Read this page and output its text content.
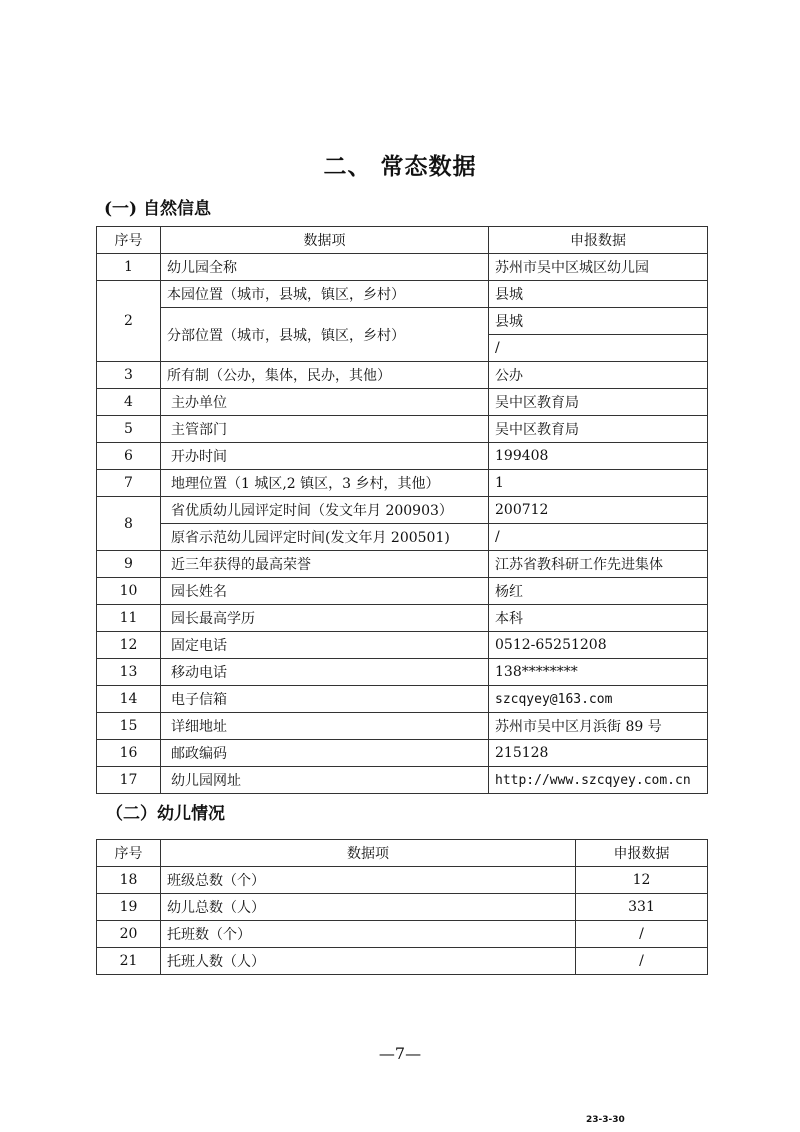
二、 常态数据
(一) 自然信息
序号	数据项	申报数据
1	幼儿园全称	苏州市吴中区城区幼儿园
2	本园位置（城市，县城，镇区，乡村）	县城
	分部位置（城市，县城，镇区，乡村）	县城
		/
3	所有制（公办，集体，民办，其他）	公办
4	主办单位	吴中区教育局
5	主管部门	吴中区教育局
6	开办时间	199408
7	地理位置（1 城区,2 镇区，3 乡村，其他）	1
8	省优质幼儿园评定时间（发文年月 200903）	200712
	原省示范幼儿园评定时间(发文年月 200501)	/
9	近三年获得的最高荣誉	江苏省教科研工作先进集体
10	园长姓名	杨红
11	园长最高学历	本科
12	固定电话	0512-65251208
13	移动电话	138********
14	电子信箱	szcqyey@163.com
15	详细地址	苏州市吴中区月浜街 89 号
16	邮政编码	215128
17	幼儿园网址	http://www.szcqyey.com.cn
（二）幼儿情况
序号	数据项	申报数据
18	班级总数（个）	12
19	幼儿总数（人）	331
20	托班数（个）	/
21	托班人数（人）	/
—7—
23-3-30
